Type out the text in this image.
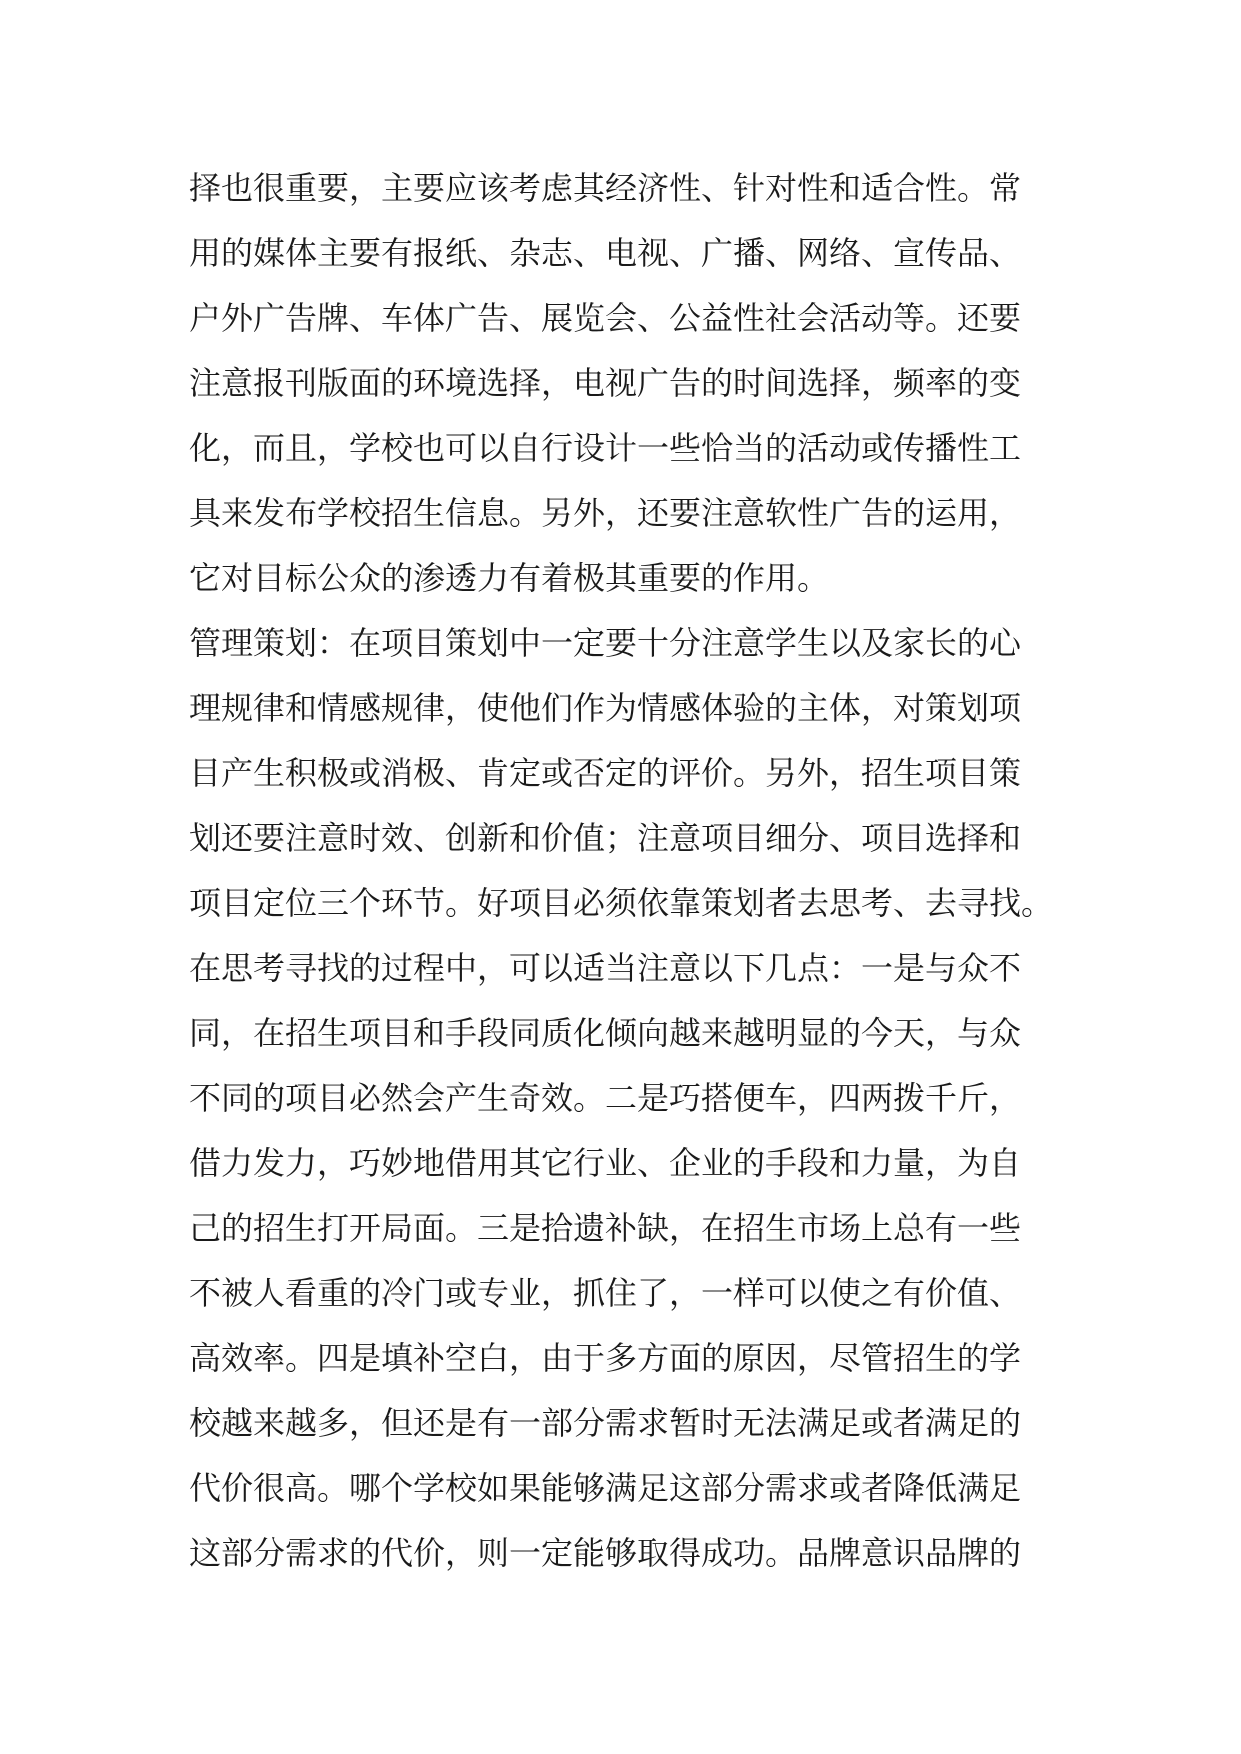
择也很重要，主要应该考虑其经济性、针对性和适合性。常
用的媒体主要有报纸、杂志、电视、广播、网络、宣传品、
户外广告牌、车体广告、展览会、公益性社会活动等。还要
注意报刊版面的环境选择，电视广告的时间选择，频率的变
化，而且，学校也可以自行设计一些恰当的活动或传播性工
具来发布学校招生信息。另外，还要注意软性广告的运用，
它对目标公众的渗透力有着极其重要的作用。
管理策划：在项目策划中一定要十分注意学生以及家长的心
理规律和情感规律，使他们作为情感体验的主体，对策划项
目产生积极或消极、肯定或否定的评价。另外，招生项目策
划还要注意时效、创新和价值；注意项目细分、项目选择和
项目定位三个环节。好项目必须依靠策划者去思考、去寻找。
在思考寻找的过程中，可以适当注意以下几点：一是与众不
同，在招生项目和手段同质化倾向越来越明显的今天，与众
不同的项目必然会产生奇效。二是巧搭便车，四两拨千斤，
借力发力，巧妙地借用其它行业、企业的手段和力量，为自
己的招生打开局面。三是拾遗补缺，在招生市场上总有一些
不被人看重的冷门或专业，抓住了，一样可以使之有价值、
高效率。四是填补空白，由于多方面的原因，尽管招生的学
校越来越多，但还是有一部分需求暂时无法满足或者满足的
代价很高。哪个学校如果能够满足这部分需求或者降低满足
这部分需求的代价，则一定能够取得成功。品牌意识品牌的
